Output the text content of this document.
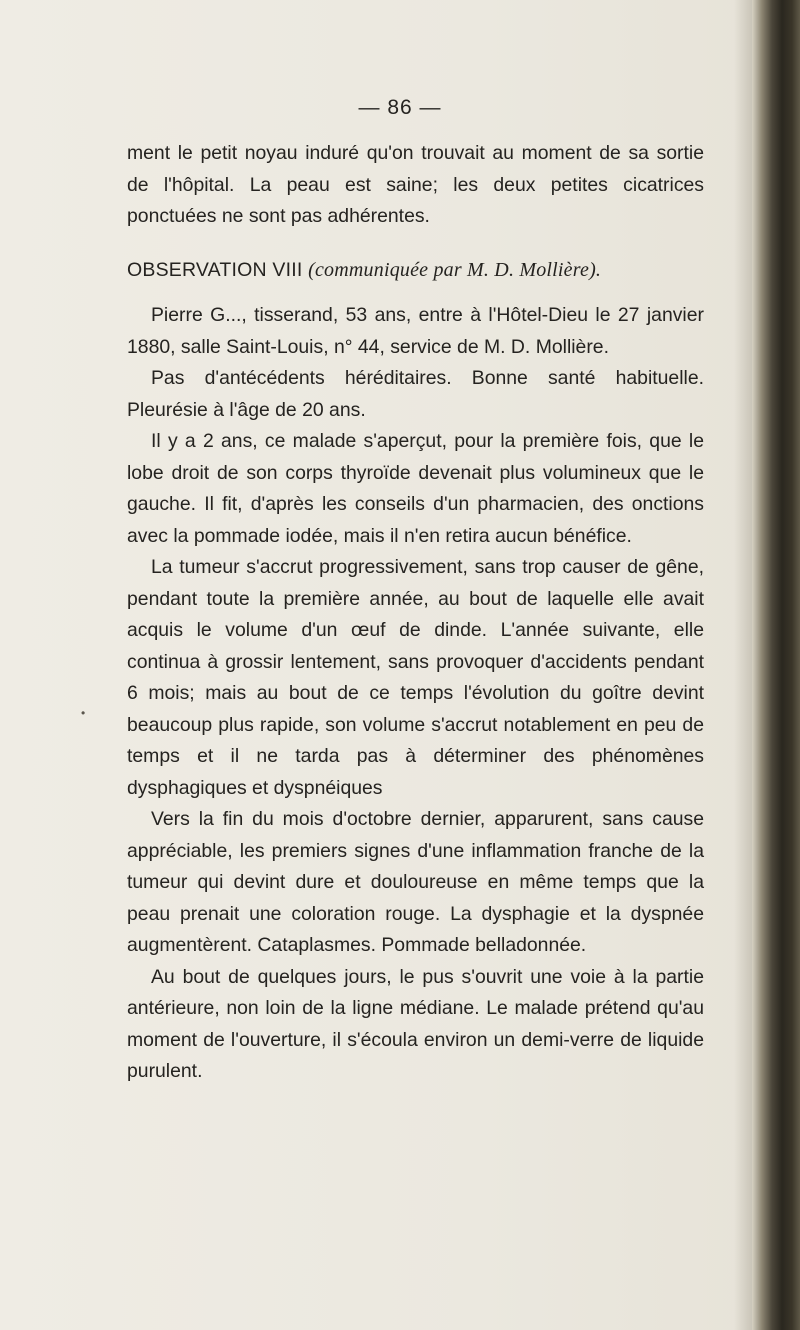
— 86 —
•

ment le petit noyau induré qu'on trouvait au moment de sa sortie de l'hôpital. La peau est saine; les deux petites cicatrices ponctuées ne sont pas adhérentes.

OBSERVATION VIII (communiquée par M. D. Mollière).

Pierre G..., tisserand, 53 ans, entre à l'Hôtel-Dieu le 27 janvier 1880, salle Saint-Louis, n° 44, service de M. D. Mollière.

Pas d'antécédents héréditaires. Bonne santé habituelle. Pleurésie à l'âge de 20 ans.

Il y a 2 ans, ce malade s'aperçut, pour la première fois, que le lobe droit de son corps thyroïde devenait plus volumineux que le gauche. Il fit, d'après les conseils d'un pharmacien, des onctions avec la pommade iodée, mais il n'en retira aucun bénéfice.

La tumeur s'accrut progressivement, sans trop causer de gêne, pendant toute la première année, au bout de laquelle elle avait acquis le volume d'un œuf de dinde. L'année suivante, elle continua à grossir lentement, sans provoquer d'accidents pendant 6 mois; mais au bout de ce temps l'évolution du goître devint beaucoup plus rapide, son volume s'accrut notablement en peu de temps et il ne tarda pas à déterminer des phénomènes dysphagiques et dyspnéiques

Vers la fin du mois d'octobre dernier, apparurent, sans cause appréciable, les premiers signes d'une inflammation franche de la tumeur qui devint dure et douloureuse en même temps que la peau prenait une coloration rouge. La dysphagie et la dyspnée augmentèrent. Cataplasmes. Pommade belladonnée.

Au bout de quelques jours, le pus s'ouvrit une voie à la partie antérieure, non loin de la ligne médiane. Le malade prétend qu'au moment de l'ouverture, il s'écoula environ un demi-verre de liquide purulent.
